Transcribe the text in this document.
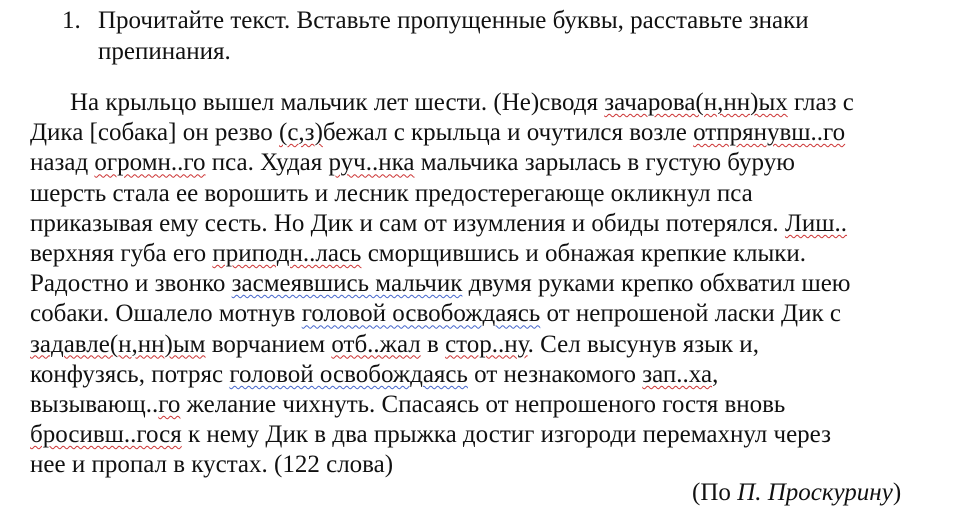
1. Прочитайте текст. Вставьте пропущенные буквы, расставьте знаки препинания.
На крыльцо вышел мальчик лет шести. (Не)сводя зачарова(н,нн)ых глаз с
Дика [собака] он резво (с,з)бежал с крыльца и очутился возле отпрянувш..го
назад огромн..го пса. Худая руч..нка мальчика зарылась в густую бурую
шерсть стала ее ворошить и лесник предостерегающе окликнул пса
приказывая ему сесть. Но Дик и сам от изумления и обиды потерялся. Лиш..
верхняя губа его приподн..лась сморщившись и обнажая крепкие клыки.
Радостно и звонко засмеявшись мальчик двумя руками крепко обхватил шею
собаки. Ошалело мотнув головой освобождаясь от непрошеной ласки Дик с
задавле(н,нн)ым ворчанием отб..жал в стор..ну. Сел высунув язык и,
конфузясь, потряс головой освобождаясь от незнакомого зап..ха,
вызывающ..го желание чихнуть. Спасаясь от непрошеного гостя вновь
бросивш..гося к нему Дик в два прыжка достиг изгороди перемахнул через
нее и пропал в кустах. (122 слова)
(По П. Проскурину)
